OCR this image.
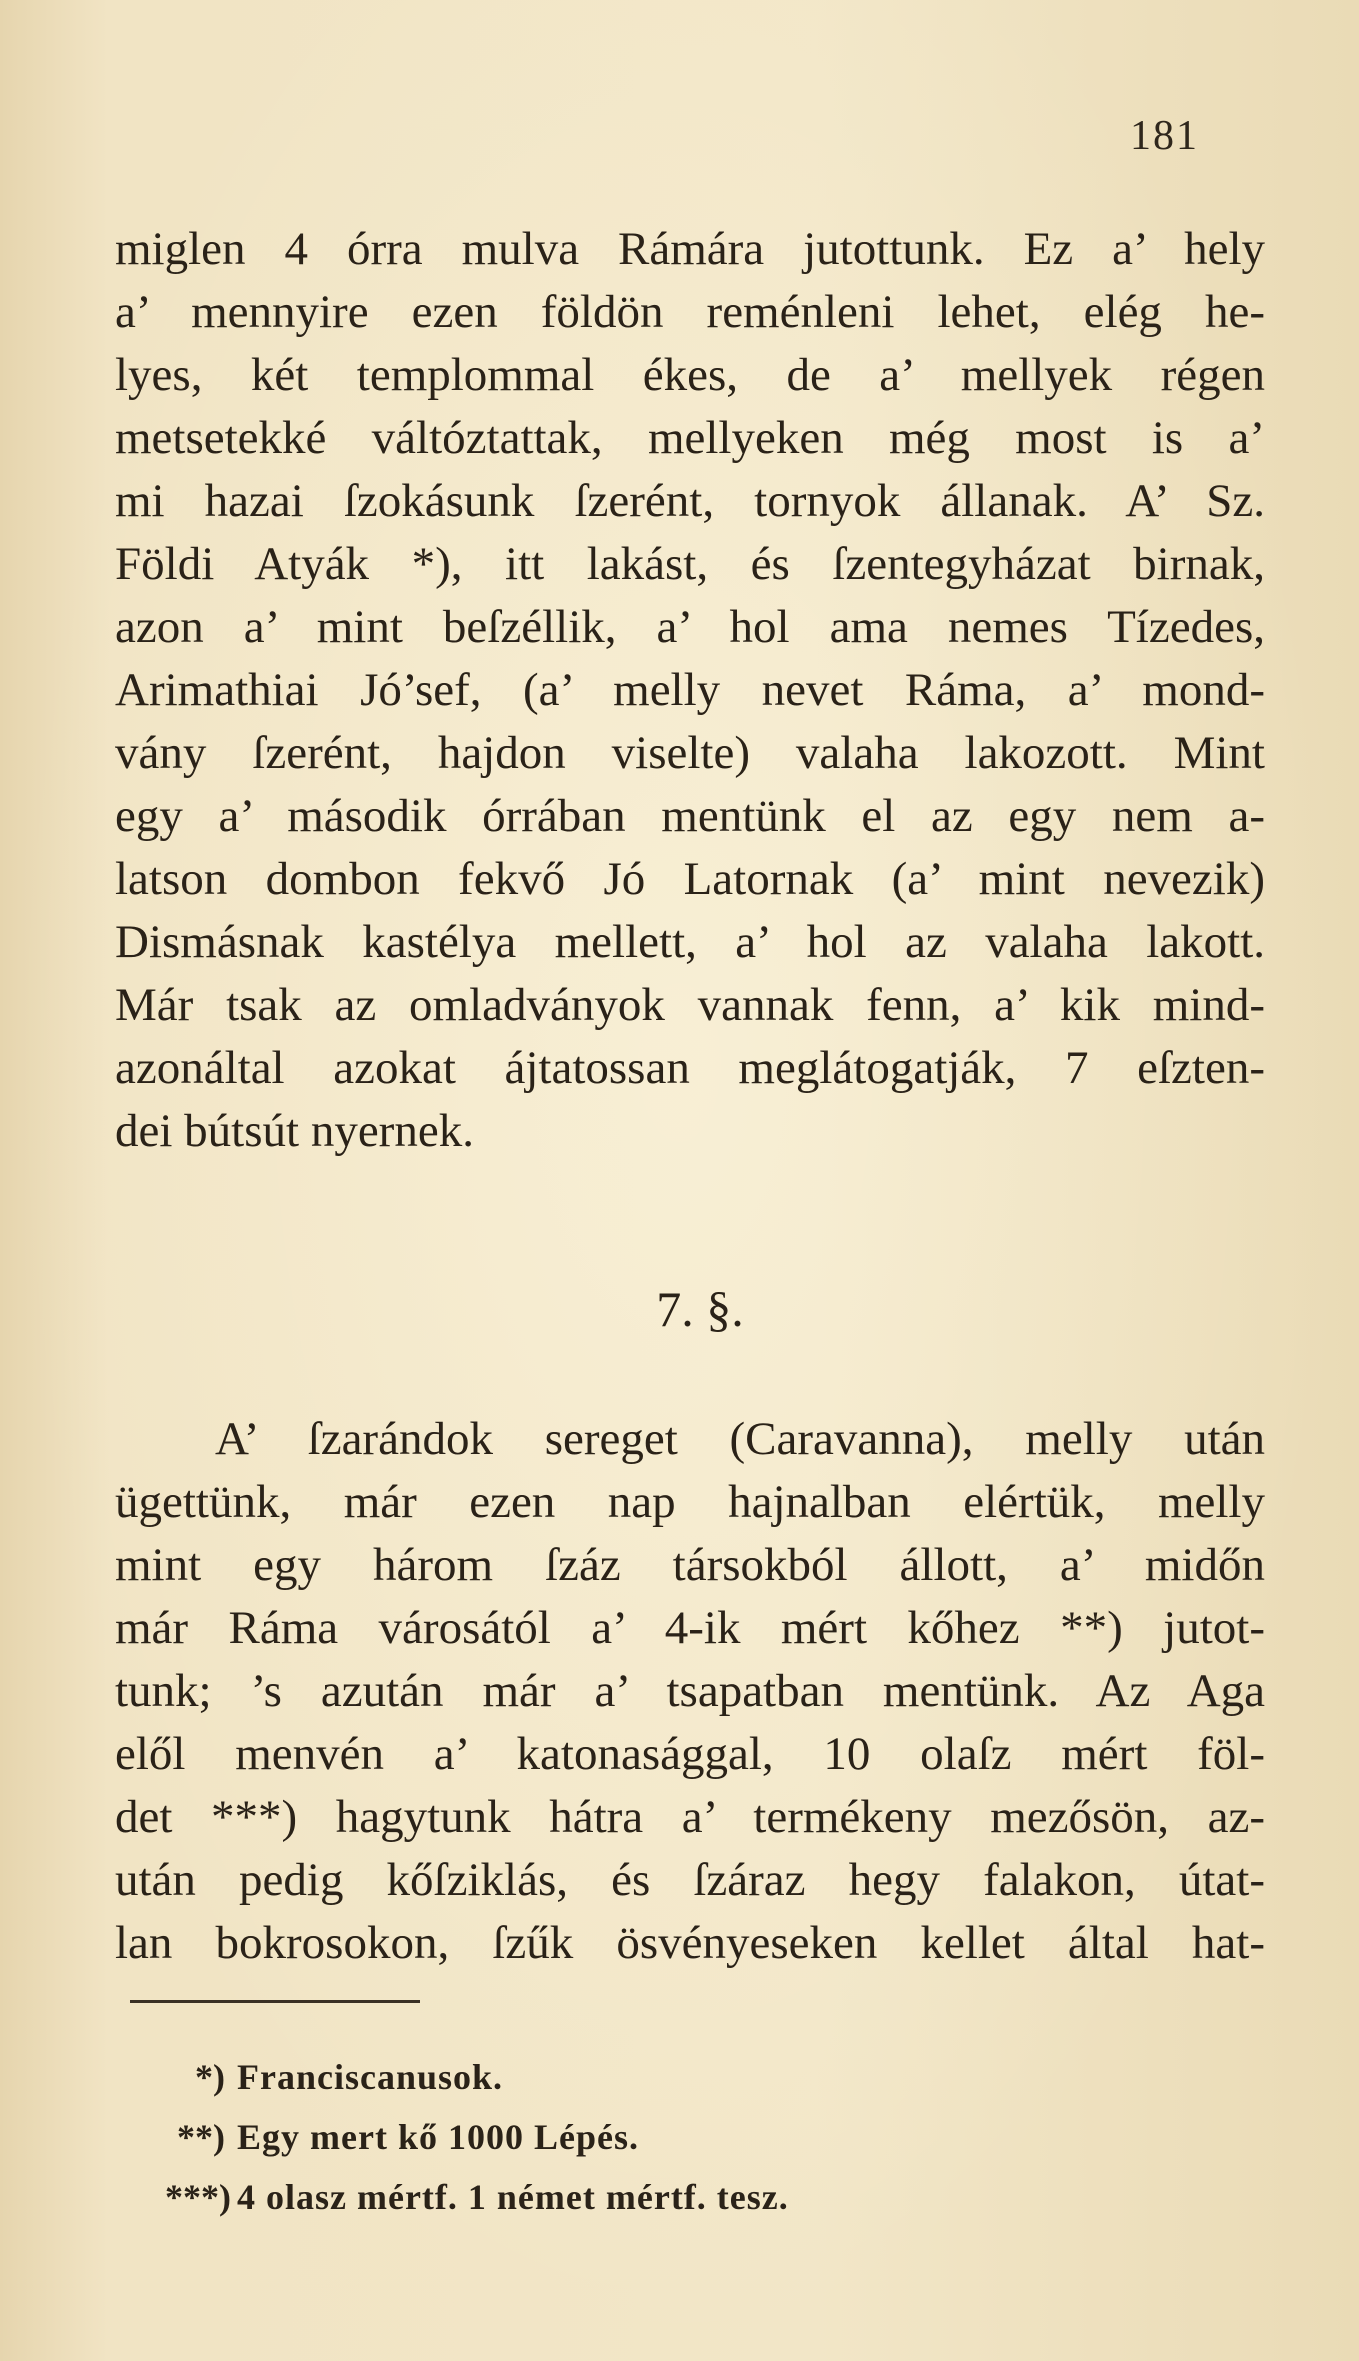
181
miglen 4 órra mulva Rámára jutottunk. Ez a’ hely
a’ mennyire ezen földön reménleni lehet, elég he-
lyes, két templommal ékes, de a’ mellyek régen
metsetekké váltóztattak, mellyeken még most is a’
mi hazai ſzokásunk ſzerént, tornyok állanak. A’ Sz.
Földi Atyák *), itt lakást, és ſzentegyházat birnak,
azon a’ mint beſzéllik, a’ hol ama nemes Tízedes,
Arimathiai Jó’sef, (a’ melly nevet Ráma, a’ mond-
vány ſzerént, hajdon viselte) valaha lakozott. Mint
egy a’ második órrában mentünk el az egy nem a-
latson dombon fekvő Jó Latornak (a’ mint nevezik)
Dismásnak kastélya mellett, a’ hol az valaha lakott.
Már tsak az omladványok vannak fenn, a’ kik mind-
azonáltal azokat ájtatossan meglátogatják, 7 eſzten-
dei bútsút nyernek.
7. §.
A’ ſzarándok sereget (Caravanna), melly után
ügettünk, már ezen nap hajnalban elértük, melly
mint egy három ſzáz társokból állott, a’ midőn
már Ráma városától a’ 4-ik mért kőhez **) jutot-
tunk; ’s azután már a’ tsapatban mentünk. Az Aga
elől menvén a’ katonasággal, 10 olaſz mért föl-
det ***) hagytunk hátra a’ termékeny mezősön, az-
után pedig kőſziklás, és ſzáraz hegy falakon, útat-
lan bokrosokon, ſzűk ösvényeseken kellet által hat-
*) Franciscanusok.
**) Egy mert kő 1000 Lépés.
***) 4 olasz mértf. 1 német mértf. tesz.
